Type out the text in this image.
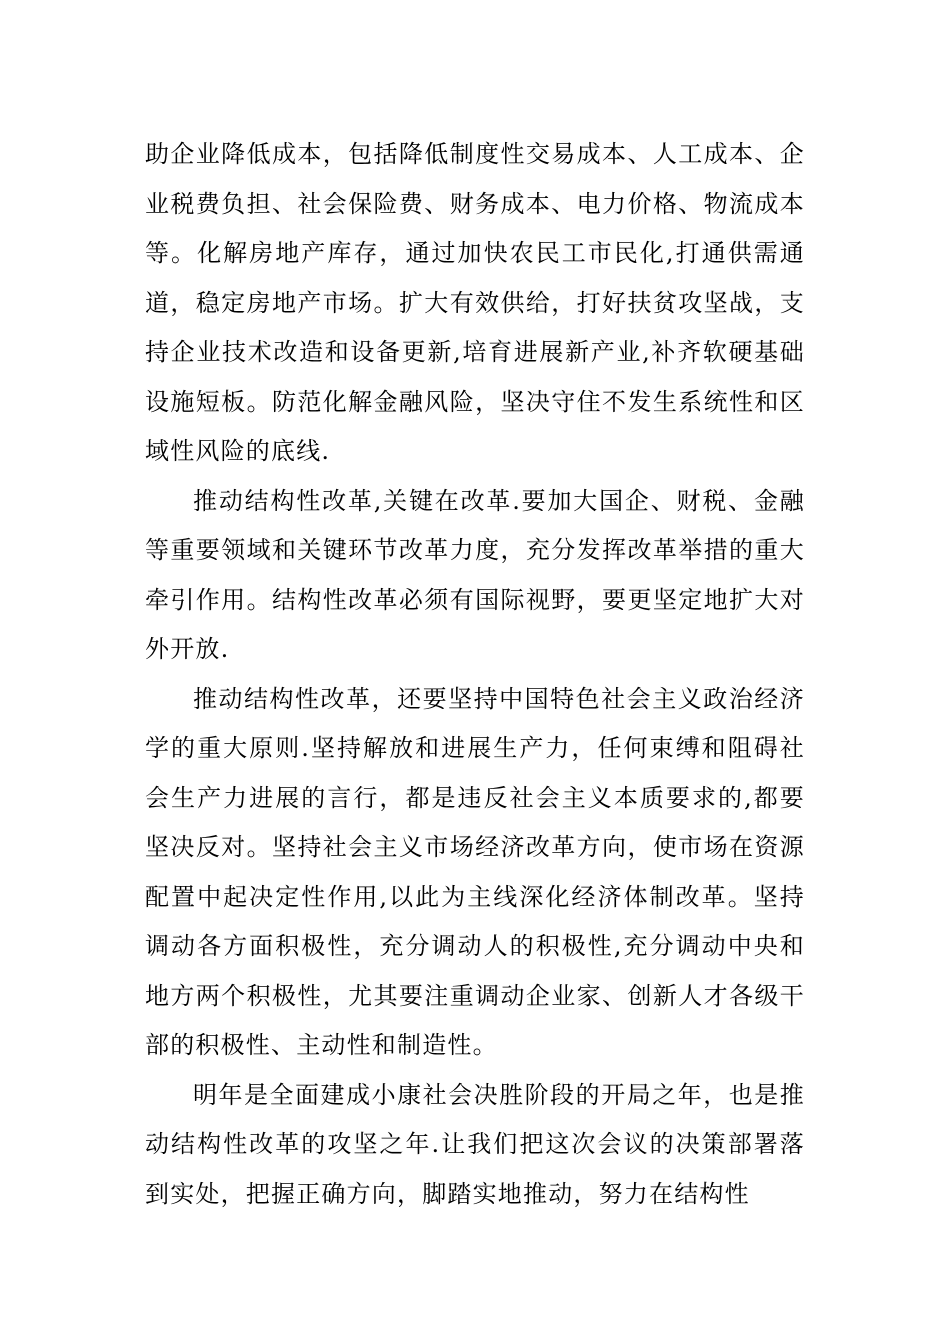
助企业降低成本，包括降低制度性交易成本、人工成本、企业税费负担、社会保险费、财务成本、电力价格、物流成本等。化解房地产库存，通过加快农民工市民化,打通供需通道，稳定房地产市场。扩大有效供给，打好扶贫攻坚战，支持企业技术改造和设备更新,培育进展新产业,补齐软硬基础设施短板。防范化解金融风险，坚决守住不发生系统性和区域性风险的底线.

推动结构性改革,关键在改革.要加大国企、财税、金融等重要领域和关键环节改革力度，充分发挥改革举措的重大牵引作用。结构性改革必须有国际视野，要更坚定地扩大对外开放.

推动结构性改革，还要坚持中国特色社会主义政治经济学的重大原则.坚持解放和进展生产力，任何束缚和阻碍社会生产力进展的言行，都是违反社会主义本质要求的,都要坚决反对。坚持社会主义市场经济改革方向，使市场在资源配置中起决定性作用,以此为主线深化经济体制改革。坚持调动各方面积极性，充分调动人的积极性,充分调动中央和地方两个积极性，尤其要注重调动企业家、创新人才各级干部的积极性、主动性和制造性。

明年是全面建成小康社会决胜阶段的开局之年，也是推动结构性改革的攻坚之年.让我们把这次会议的决策部署落到实处，把握正确方向，脚踏实地推动，努力在结构性
